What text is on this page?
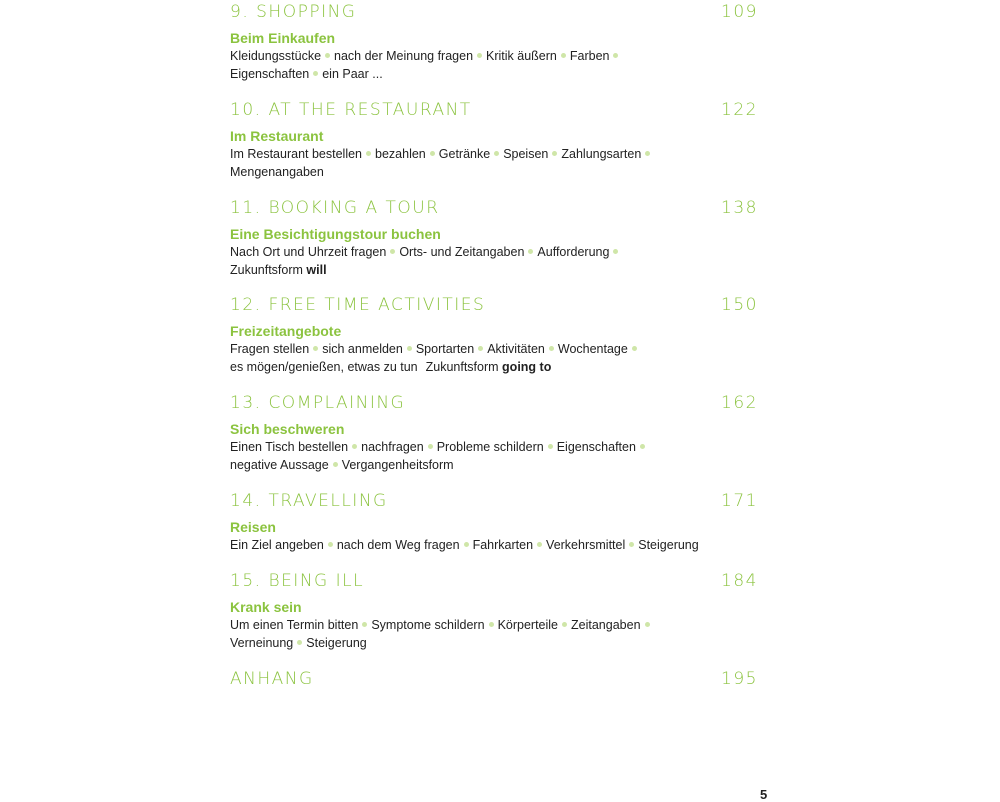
9. SHOPPING	109
Beim Einkaufen
Kleidungsstücke nach der Meinung fragen Kritik äußern Farben
Eigenschaften ein Paar ...
10. AT THE RESTAURANT	122
Im Restaurant
Im Restaurant bestellen bezahlen Getränke Speisen Zahlungsarten
Mengenangaben
11. BOOKING A TOUR	138
Eine Besichtigungstour buchen
Nach Ort und Uhrzeit fragen Orts- und Zeitangaben Aufforderung
Zukunftsform will
12. FREE TIME ACTIVITIES	150
Freizeitangebote
Fragen stellen sich anmelden Sportarten Aktivitäten Wochentage
es mögen/genießen, etwas zu tun Zukunftsform going to
13. COMPLAINING	162
Sich beschweren
Einen Tisch bestellen nachfragen Probleme schildern Eigenschaften
negative Aussage Vergangenheitsform
14. TRAVELLING	171
Reisen
Ein Ziel angeben nach dem Weg fragen Fahrkarten Verkehrsmittel Steigerung
15. BEING ILL	184
Krank sein
Um einen Termin bitten Symptome schildern Körperteile Zeitangaben
Verneinung Steigerung
ANHANG	195
5
